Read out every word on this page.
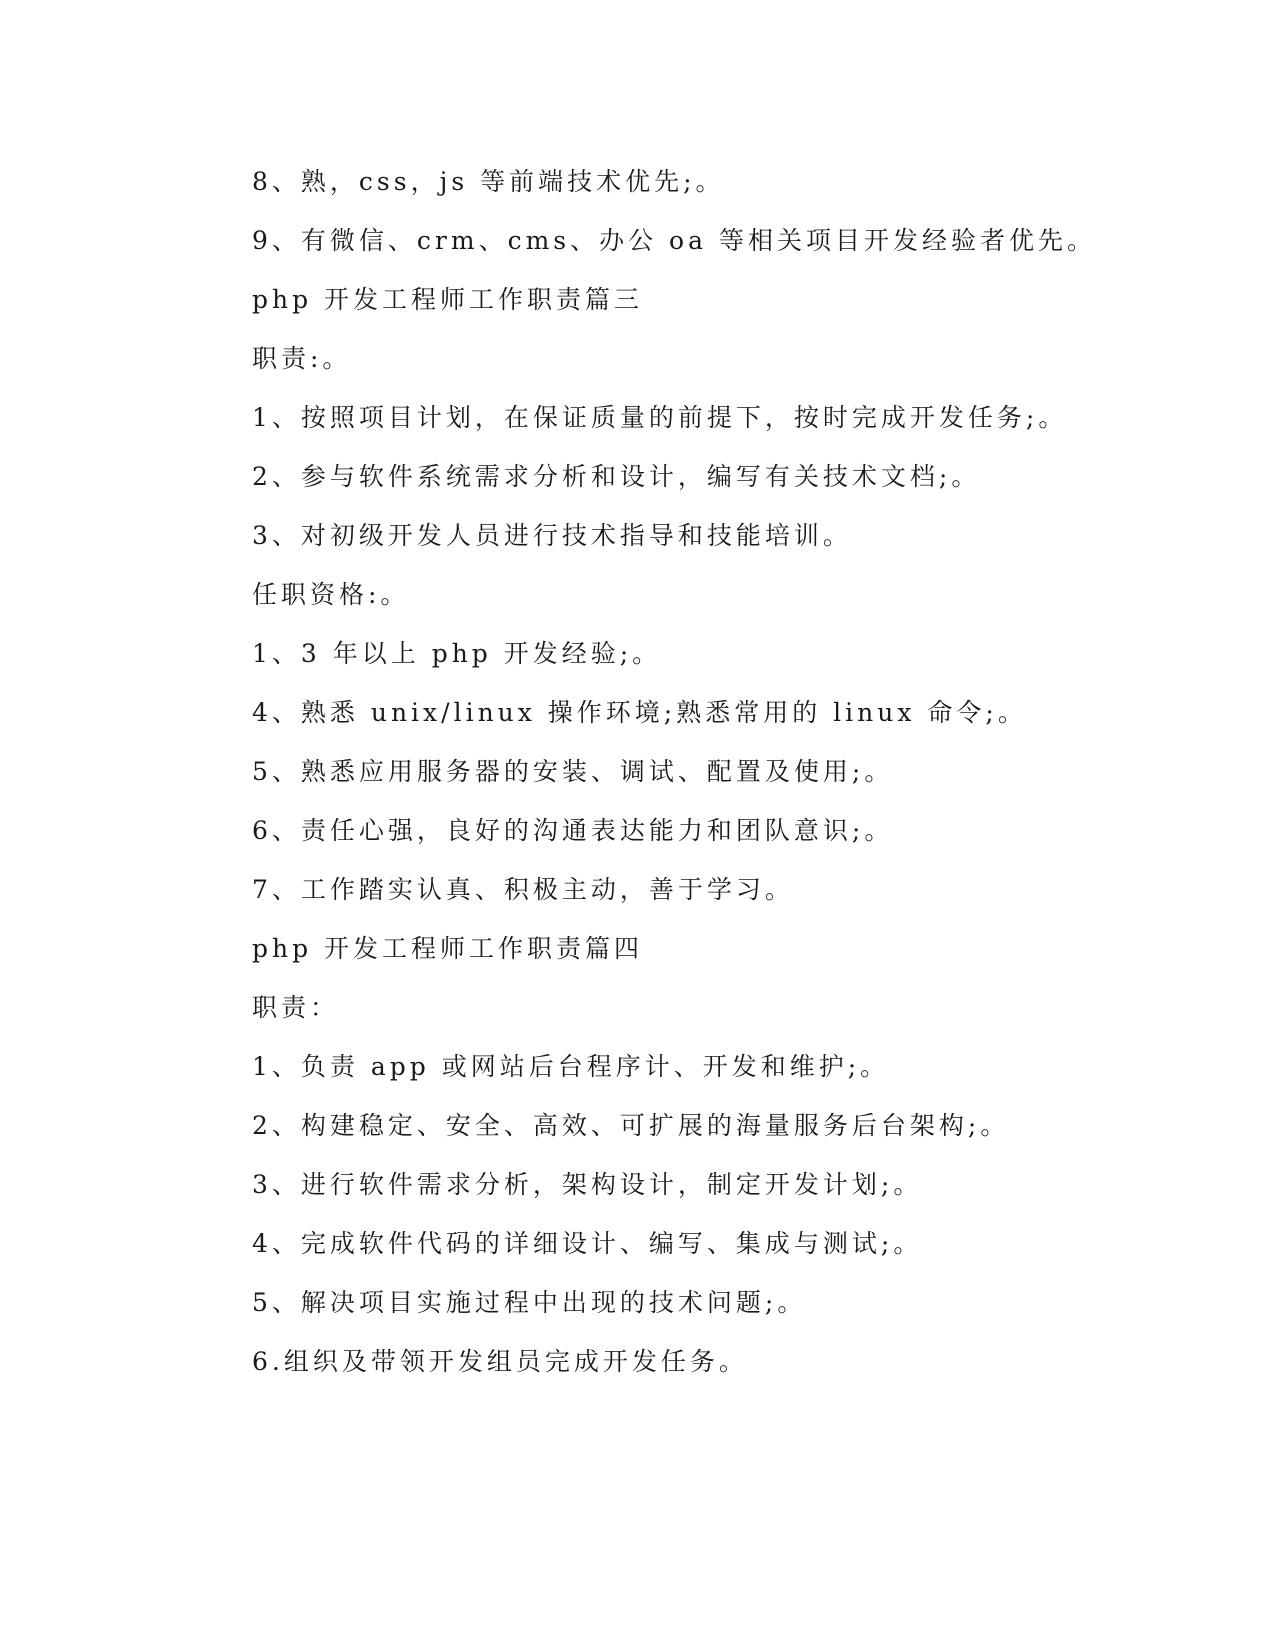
8、熟，css，js 等前端技术优先;。
9、有微信、crm、cms、办公 oa 等相关项目开发经验者优先。
php 开发工程师工作职责篇三
职责:。
1、按照项目计划，在保证质量的前提下，按时完成开发任务;。
2、参与软件系统需求分析和设计，编写有关技术文档;。
3、对初级开发人员进行技术指导和技能培训。
任职资格:。
1、3 年以上 php 开发经验;。
4、熟悉 unix/linux 操作环境;熟悉常用的 linux 命令;。
5、熟悉应用服务器的安装、调试、配置及使用;。
6、责任心强，良好的沟通表达能力和团队意识;。
7、工作踏实认真、积极主动，善于学习。
php 开发工程师工作职责篇四
职责：
1、负责 app 或网站后台程序计、开发和维护;。
2、构建稳定、安全、高效、可扩展的海量服务后台架构;。
3、进行软件需求分析，架构设计，制定开发计划;。
4、完成软件代码的详细设计、编写、集成与测试;。
5、解决项目实施过程中出现的技术问题;。
6.组织及带领开发组员完成开发任务。
